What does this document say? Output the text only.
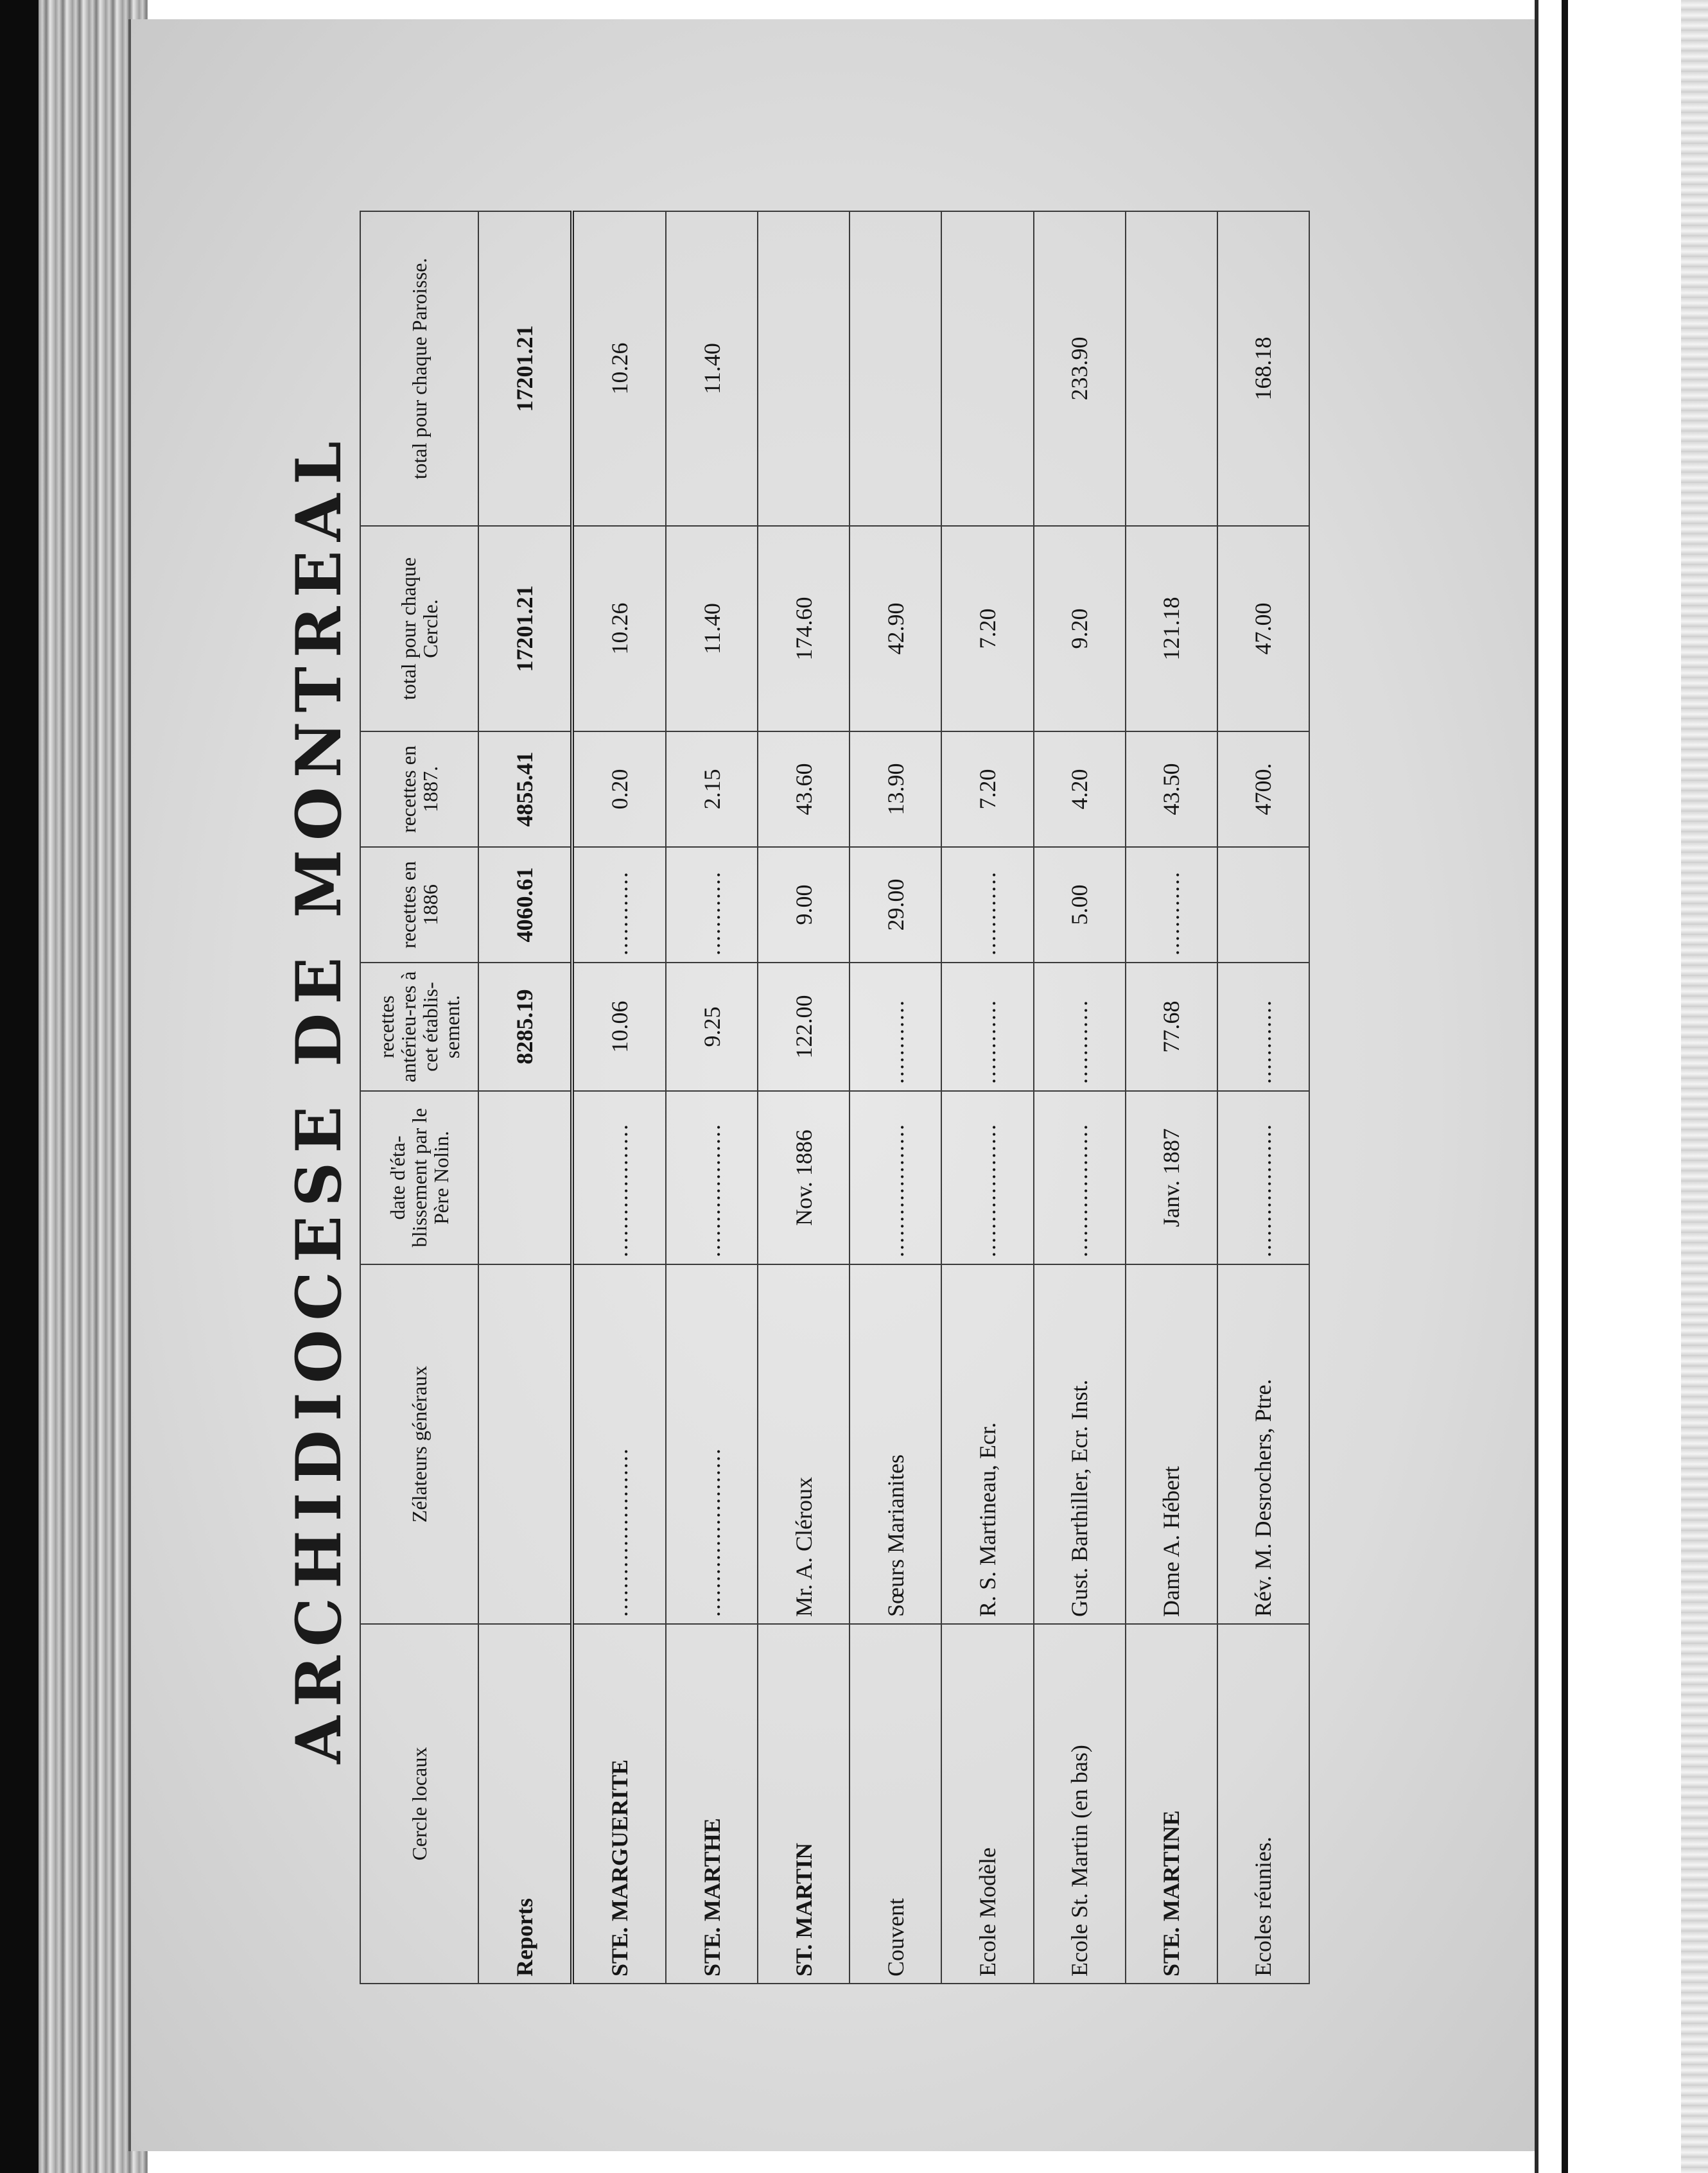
ARCHIDIOCESE DE MONTREAL
Cercle locaux	Zélateurs généraux	date d'éta-blissement par le Père Nolin.	recettes antérieu-res à cet établis-sement.	recettes en 1886	recettes en 1887.	total pour chaque Cercle.	total pour chaque Paroisse.
Reports			8285.19	4060.61	4855.41	17201.21	17201.21
STE. MARGUERITE	........................	...................	10.06	............	0.20	10.26	10.26
STE. MARTHE	........................	...................	9.25	............	2.15	11.40	11.40
ST. MARTIN	Mr. A. Cléroux	Nov. 1886	122.00	9.00	43.60	174.60	
Couvent	Sœurs Marianites	...................	............	29.00	13.90	42.90	
Ecole Modèle	R. S. Martineau, Ecr.	...................	............	............	7.20	7.20	
Ecole St. Martin (en bas)	Gust. Barthiller, Ecr. Inst.	...................	............	5.00	4.20	9.20	233.90
STE. MARTINE	Dame A. Hébert	Janv. 1887	77.68	............	43.50	121.18	
Ecoles réunies.	Rév. M. Desrochers, Ptre.	...................	............		4700.	47.00	168.18
